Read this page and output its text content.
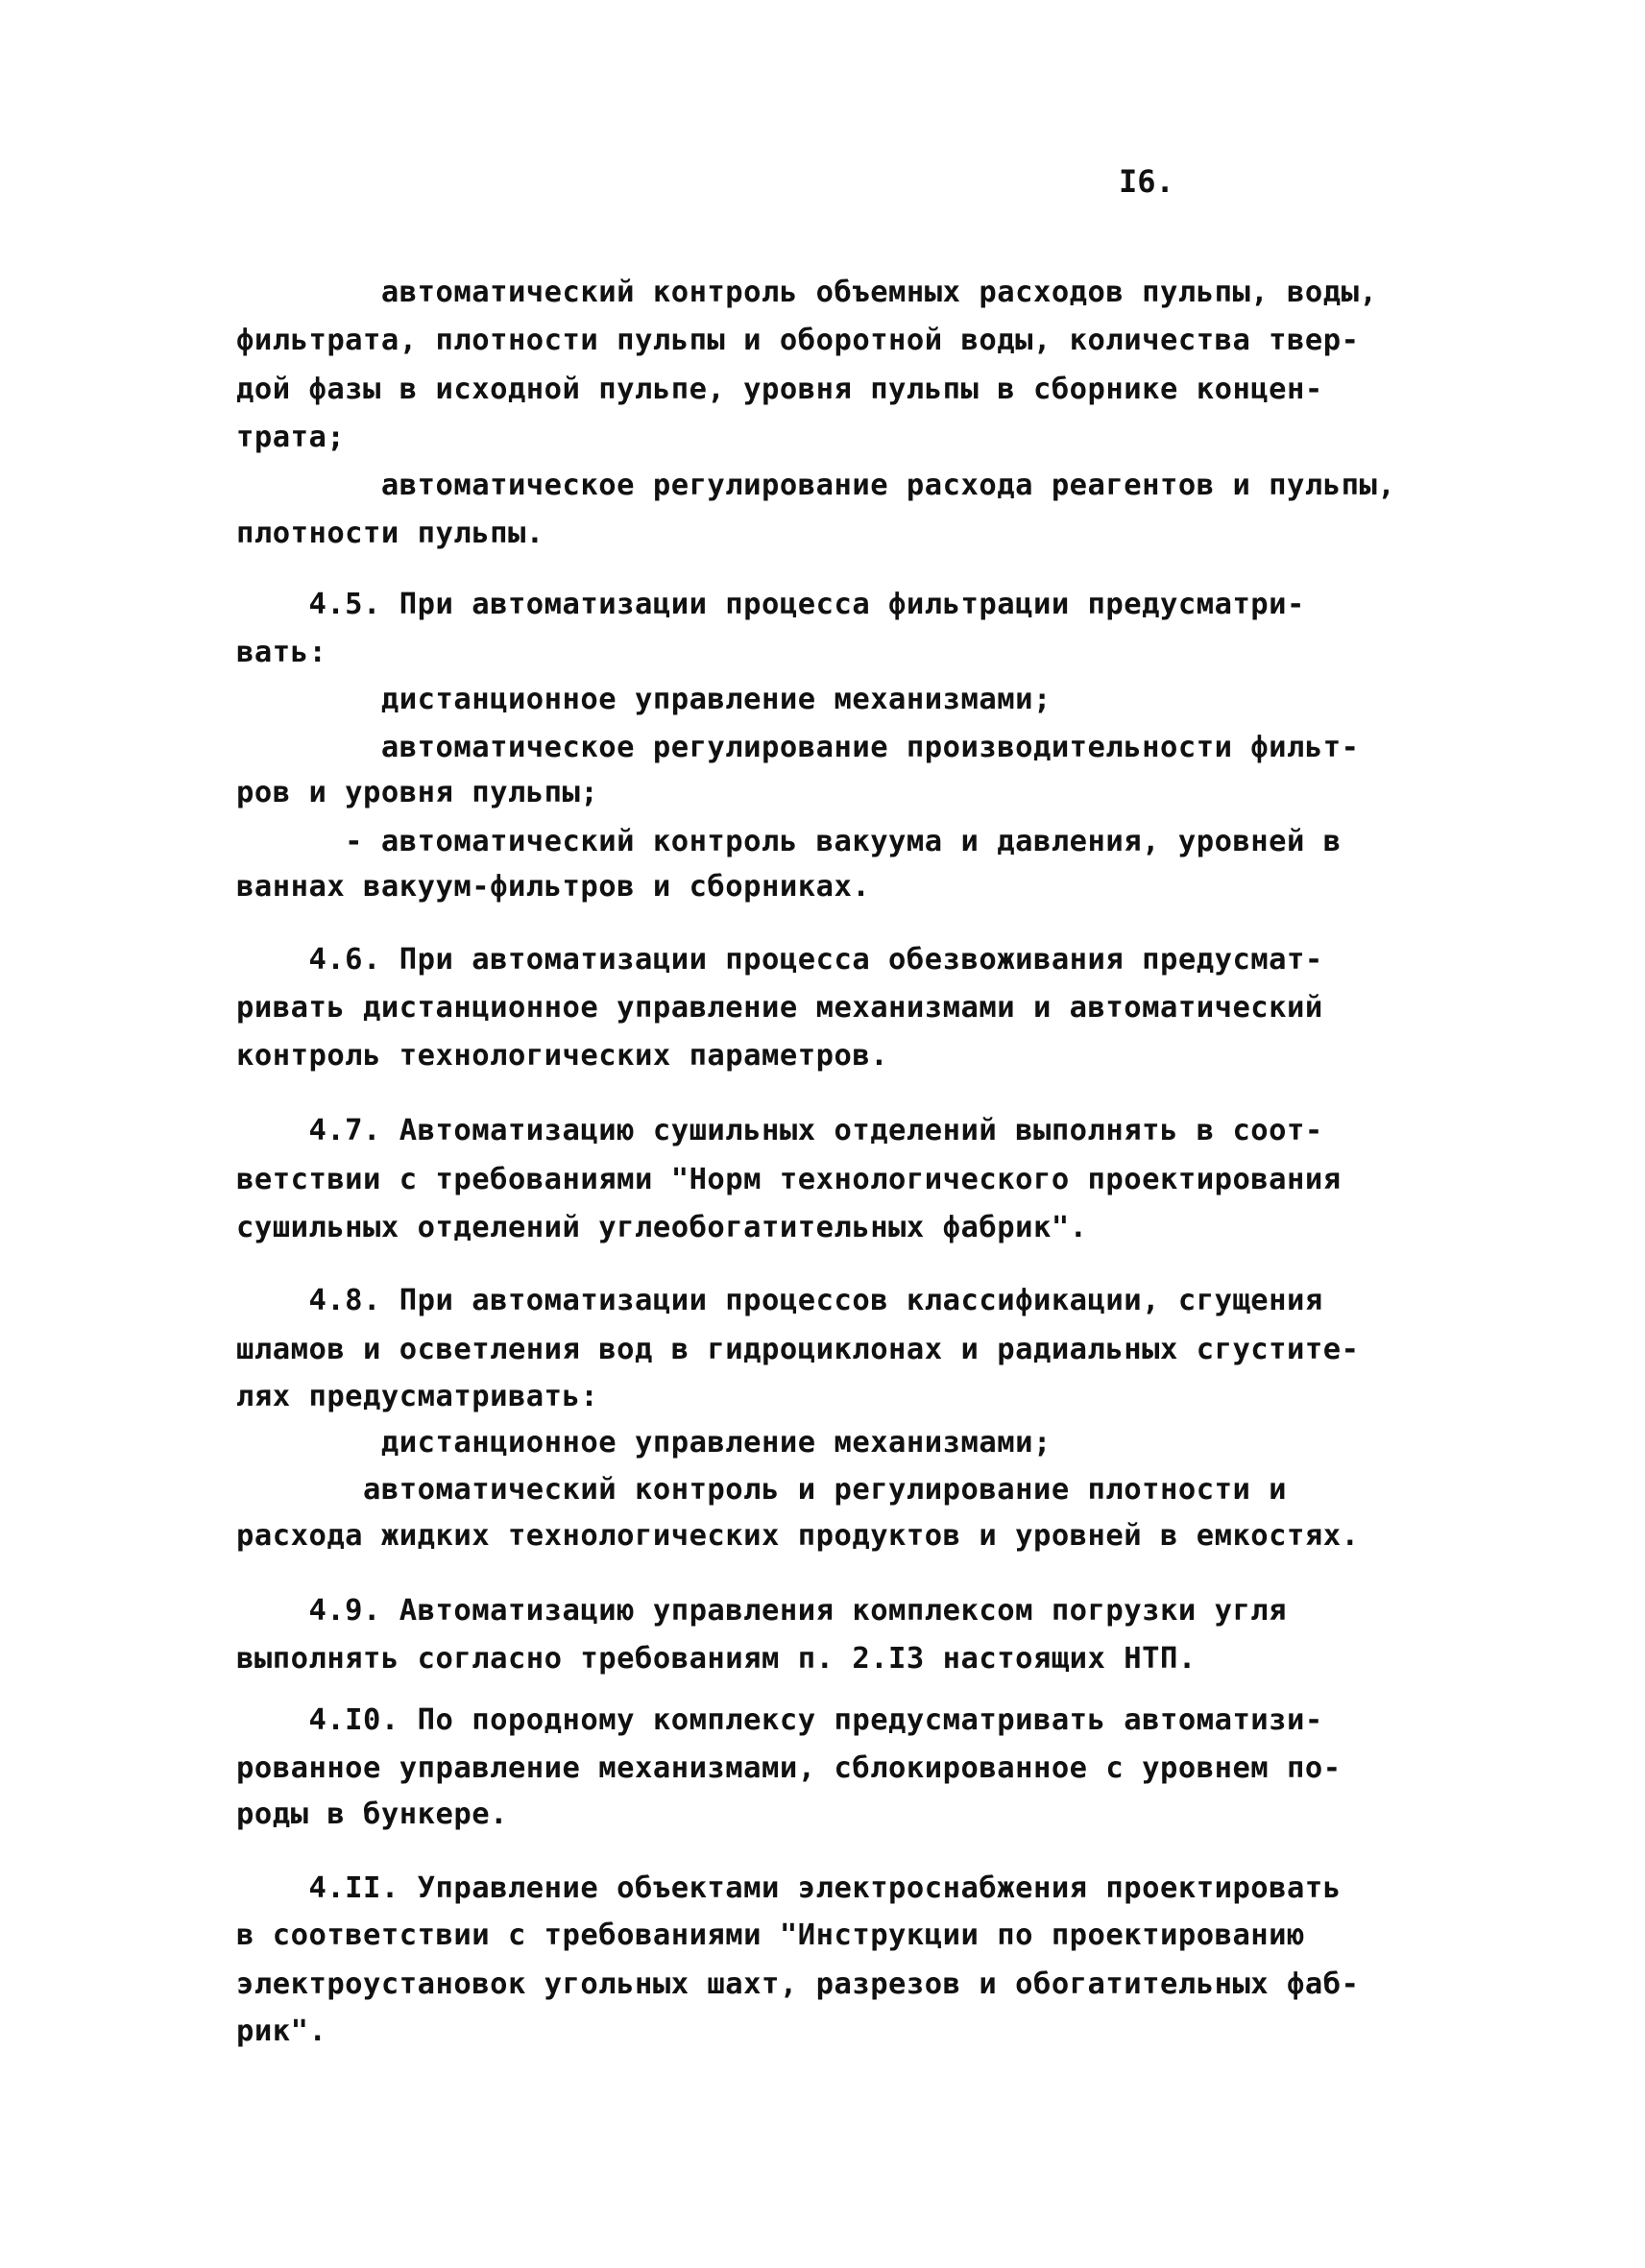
I6.
автоматический контроль объемных расходов пульпы, воды,
фильтрата, плотности пульпы и оборотной воды, количества твер-
дой фазы в исходной пульпе, уровня пульпы в сборнике концен-
трата;
автоматическое регулирование расхода реагентов и пульпы,
плотности пульпы.
4.5. При автоматизации процесса фильтрации предусматри-
вать:
дистанционное управление механизмами;
автоматическое регулирование производительности фильт-
ров и уровня пульпы;
- автоматический контроль вакуума и давления, уровней в
ваннах вакуум-фильтров и сборниках.
4.6. При автоматизации процесса обезвоживания предусмат-
ривать дистанционное управление механизмами и автоматический
контроль технологических параметров.
4.7. Автоматизацию сушильных отделений выполнять в соот-
ветствии с требованиями "Норм технологического проектирования
сушильных отделений углеобогатительных фабрик".
4.8. При автоматизации процессов классификации, сгущения
шламов и осветления вод в гидроциклонах и радиальных сгустите-
лях предусматривать:
дистанционное управление механизмами;
автоматический контроль и регулирование плотности и
расхода жидких технологических продуктов и уровней в емкостях.
4.9. Автоматизацию управления комплексом погрузки угля
выполнять согласно требованиям п. 2.I3 настоящих НТП.
4.I0. По породному комплексу предусматривать автоматизи-
рованное управление механизмами, сблокированное с уровнем по-
роды в бункере.
4.II. Управление объектами электроснабжения проектировать
в соответствии с требованиями "Инструкции по проектированию
электроустановок угольных шахт, разрезов и обогатительных фаб-
рик".
